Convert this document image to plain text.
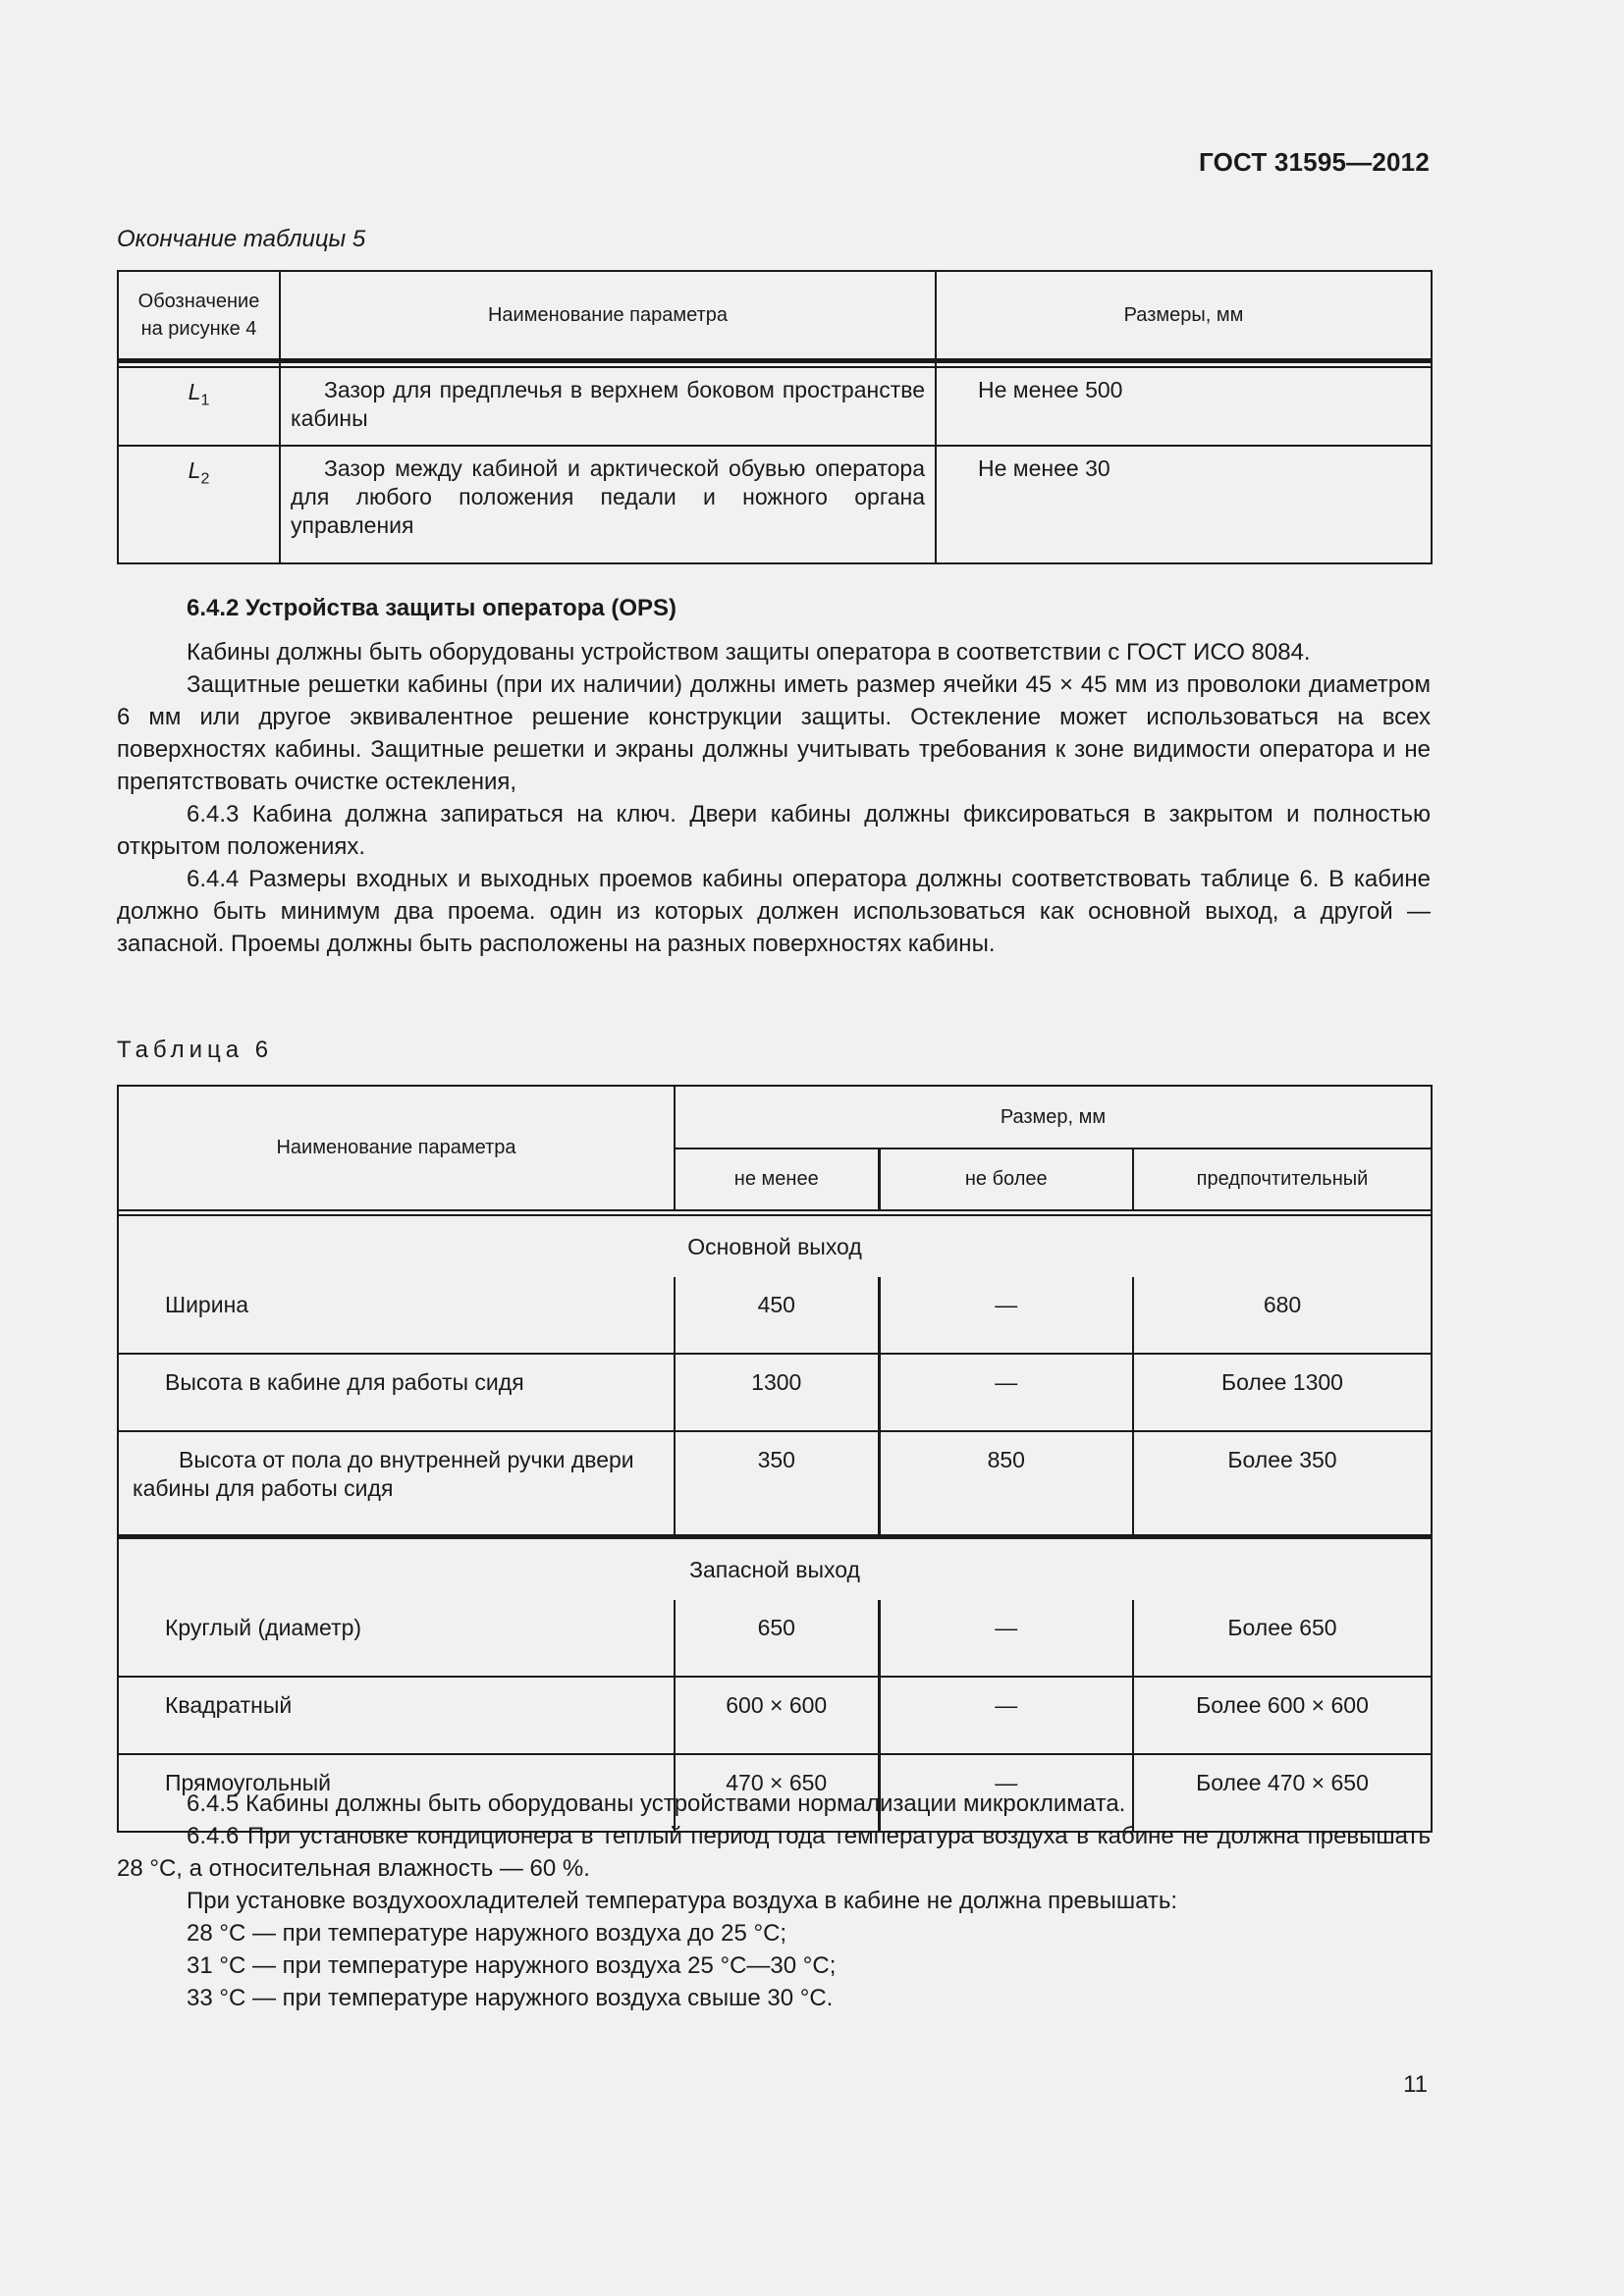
ГОСТ 31595—2012
Окончание таблицы 5
Обозначение
на рисунке 4	Наименование параметра	Размеры, мм

$L_1$	Зазор для предплечья в верхнем боковом пространстве кабины	Не менее 500
$L_2$	Зазор между кабиной и арктической обувью оператора для любого положения педали и ножного органа управления	Не менее 30

6.4.2 Устройства защиты оператора (OPS)

Кабины должны быть оборудованы устройством защиты оператора в соответствии с ГОСТ ИСО 8084.

Защитные решетки кабины (при их наличии) должны иметь размер ячейки 45 × 45 мм из проволоки диаметром 6 мм или другое эквивалентное решение конструкции защиты. Остекление может использоваться на всех поверхностях кабины. Защитные решетки и экраны должны учитывать требования к зоне видимости оператора и не препятствовать очистке остекления,

6.4.3 Кабина должна запираться на ключ. Двери кабины должны фиксироваться в закрытом и полностью открытом положениях.

6.4.4 Размеры входных и выходных проемов кабины оператора должны соответствовать таблице 6. В кабине должно быть минимум два проема. один из которых должен использоваться как основной выход, а другой — запасной. Проемы должны быть расположены на разных поверхностях кабины.

Таблица 6
Наименование параметра	Размер, мм		
	не менее	не более	предпочтительный

Основной выход			
Ширина	450	—	680
Высота в кабине для работы сидя	1300	—	Более 1300
Высота от пола до внутренней ручки двери кабины для работы сидя	350	850	Более 350

Запасной выход			
Круглый (диаметр)	650	—	Более 650
Квадратный	600 × 600	—	Более 600 × 600
Прямоугольный	470 × 650	—	Более 470 × 650

6.4.5 Кабины должны быть оборудованы устройствами нормализации микроклимата.

6.4.6 При установке кондиционера в теплый период года температура воздуха в кабине не должна превышать 28 °С, а относительная влажность — 60 %.

При установке воздухоохладителей температура воздуха в кабине не должна превышать:

28 °С — при температуре наружного воздуха до 25 °С;

31 °С — при температуре наружного воздуха 25 °С—30 °С;

33 °С — при температуре наружного воздуха свыше 30 °С.

11
